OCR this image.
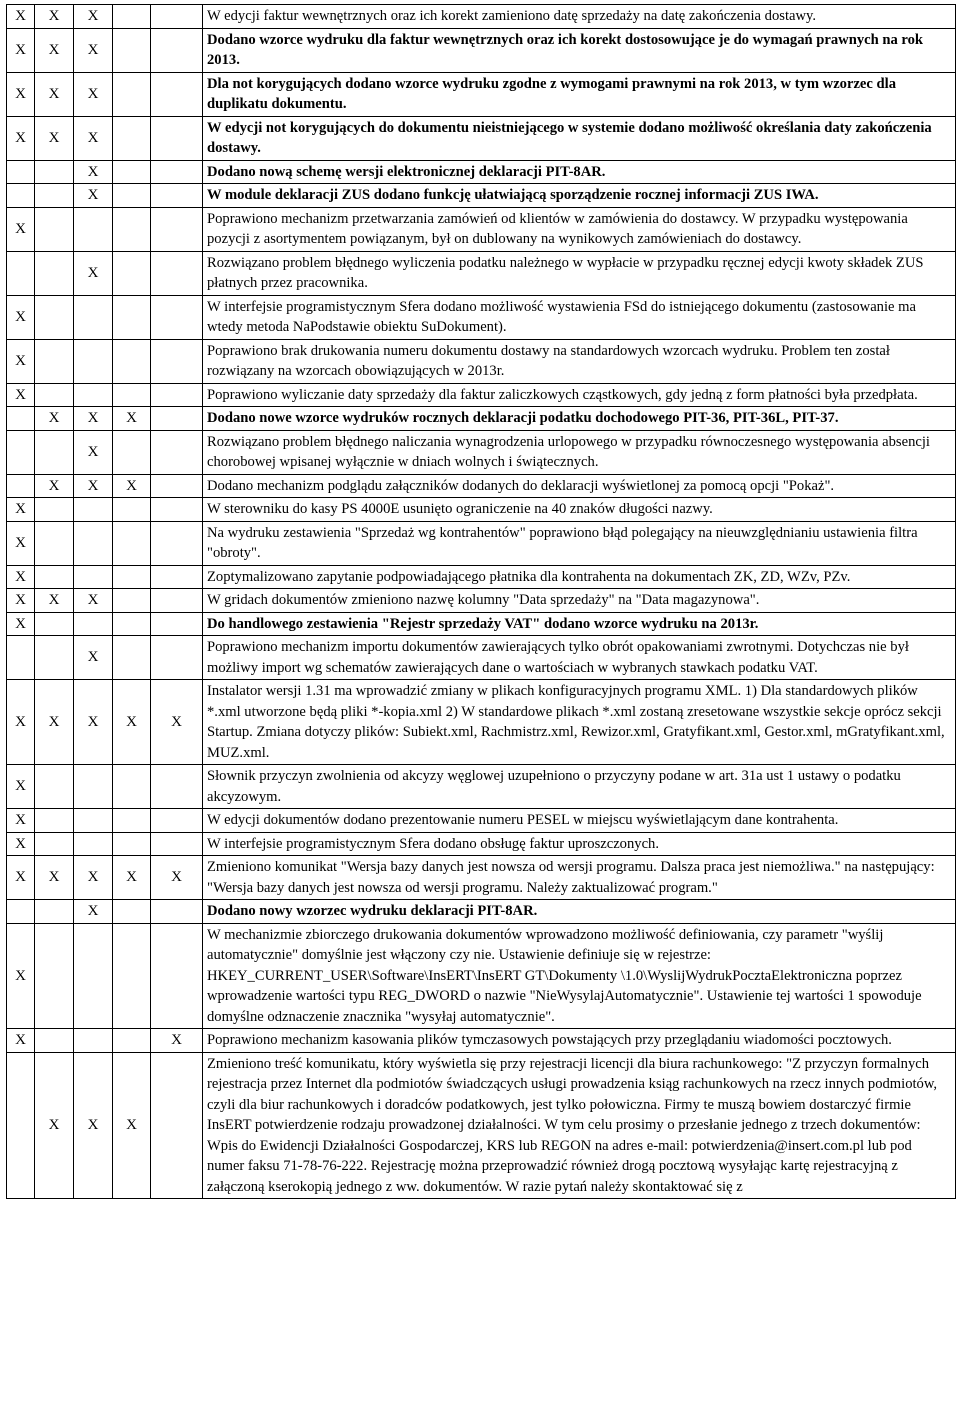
X	X	X			W edycji faktur wewnętrznych oraz ich korekt zamieniono datę sprzedaży na datę zakończenia dostawy.
X	X	X			Dodano wzorce wydruku dla faktur wewnętrznych oraz ich korekt dostosowujące je do wymagań prawnych na rok 2013.
X	X	X			Dla not korygujących dodano wzorce wydruku zgodne z wymogami prawnymi na rok 2013, w tym wzorzec dla duplikatu dokumentu.
X	X	X			W edycji not korygujących do dokumentu nieistniejącego w systemie dodano możliwość określania daty zakończenia dostawy.
		X			Dodano nową schemę wersji elektronicznej deklaracji PIT-8AR.
		X			W module deklaracji ZUS dodano funkcję ułatwiającą sporządzenie rocznej informacji ZUS IWA.
X					Poprawiono mechanizm przetwarzania zamówień od klientów w zamówienia do dostawcy. W przypadku występowania pozycji z asortymentem powiązanym, był on dublowany na wynikowych zamówieniach do dostawcy.
		X			Rozwiązano problem błędnego wyliczenia podatku należnego w wypłacie w przypadku ręcznej edycji kwoty składek ZUS płatnych przez pracownika.
X					W interfejsie programistycznym Sfera dodano możliwość wystawienia FSd do istniejącego dokumentu (zastosowanie ma wtedy metoda NaPodstawie obiektu SuDokument).
X					Poprawiono brak drukowania numeru dokumentu dostawy na standardowych wzorcach wydruku. Problem ten został rozwiązany na wzorcach obowiązujących w 2013r.
X					Poprawiono wyliczanie daty sprzedaży dla faktur zaliczkowych cząstkowych, gdy jedną z form płatności była przedpłata.
	X	X	X		Dodano nowe wzorce wydruków rocznych deklaracji podatku dochodowego PIT-36, PIT-36L, PIT-37.
		X			Rozwiązano problem błędnego naliczania wynagrodzenia urlopowego w przypadku równoczesnego występowania absencji chorobowej wpisanej wyłącznie w dniach wolnych i świątecznych.
	X	X	X		Dodano mechanizm podglądu załączników dodanych do deklaracji wyświetlonej za pomocą opcji "Pokaż".
X					W sterowniku do kasy PS 4000E usunięto ograniczenie na 40 znaków długości nazwy.
X					Na wydruku zestawienia "Sprzedaż wg kontrahentów" poprawiono błąd polegający na nieuwzględnianiu ustawienia filtra "obroty".
X					Zoptymalizowano zapytanie podpowiadającego płatnika dla kontrahenta na dokumentach ZK, ZD, WZv, PZv.
X	X	X			W gridach dokumentów zmieniono nazwę kolumny "Data sprzedaży" na "Data magazynowa".
X					Do handlowego zestawienia "Rejestr sprzedaży VAT" dodano wzorce wydruku na 2013r.
		X			Poprawiono mechanizm importu dokumentów zawierających tylko obrót opakowaniami zwrotnymi. Dotychczas nie był możliwy import wg schematów zawierających dane o wartościach w wybranych stawkach podatku VAT.
X	X	X	X	X	Instalator wersji 1.31 ma wprowadzić zmiany w plikach konfiguracyjnych programu XML. 1) Dla standardowych plików *.xml utworzone będą pliki *-kopia.xml 2) W standardowe plikach *.xml zostaną zresetowane wszystkie sekcje oprócz sekcji Startup. Zmiana dotyczy plików: Subiekt.xml, Rachmistrz.xml, Rewizor.xml, Gratyfikant.xml, Gestor.xml, mGratyfikant.xml, MUZ.xml.
X					Słownik przyczyn zwolnienia od akcyzy węglowej uzupełniono o przyczyny podane w art. 31a ust 1 ustawy o podatku akcyzowym.
X					W edycji dokumentów dodano prezentowanie numeru PESEL w miejscu wyświetlającym dane kontrahenta.
X					W interfejsie programistycznym Sfera dodano obsługę faktur uproszczonych.
X	X	X	X	X	Zmieniono komunikat "Wersja bazy danych jest nowsza od wersji programu. Dalsza praca jest niemożliwa." na następujący: "Wersja bazy danych jest nowsza od wersji programu. Należy zaktualizować program."
		X			Dodano nowy wzorzec wydruku deklaracji PIT-8AR.
X					W mechanizmie zbiorczego drukowania dokumentów wprowadzono możliwość definiowania, czy parametr "wyślij automatycznie" domyślnie jest włączony czy nie. Ustawienie definiuje się w rejestrze: HKEY_CURRENT_USER\Software\InsERT\InsERT GT\Dokumenty \1.0\WyslijWydrukPocztaElektroniczna poprzez wprowadzenie wartości typu REG_DWORD o nazwie "NieWysylajAutomatycznie". Ustawienie tej wartości 1 spowoduje domyślne odznaczenie znacznika "wysyłaj automatycznie".
X				X	Poprawiono mechanizm kasowania plików tymczasowych powstających przy przeglądaniu wiadomości pocztowych.
	X	X	X		Zmieniono treść komunikatu, który wyświetla się przy rejestracji licencji dla biura rachunkowego: "Z przyczyn formalnych rejestracja przez Internet dla podmiotów świadczących usługi prowadzenia ksiąg rachunkowych na rzecz innych podmiotów, czyli dla biur rachunkowych i doradców podatkowych, jest tylko połowiczna. Firmy te muszą bowiem dostarczyć firmie InsERT potwierdzenie rodzaju prowadzonej działalności. W tym celu prosimy o przesłanie jednego z trzech dokumentów: Wpis do Ewidencji Działalności Gospodarczej, KRS lub REGON na adres e-mail: potwierdzenia@insert.com.pl lub pod numer faksu 71-78-76-222. Rejestrację można przeprowadzić również drogą pocztową wysyłając kartę rejestracyjną z załączoną kserokopią jednego z ww. dokumentów. W razie pytań należy skontaktować się z
